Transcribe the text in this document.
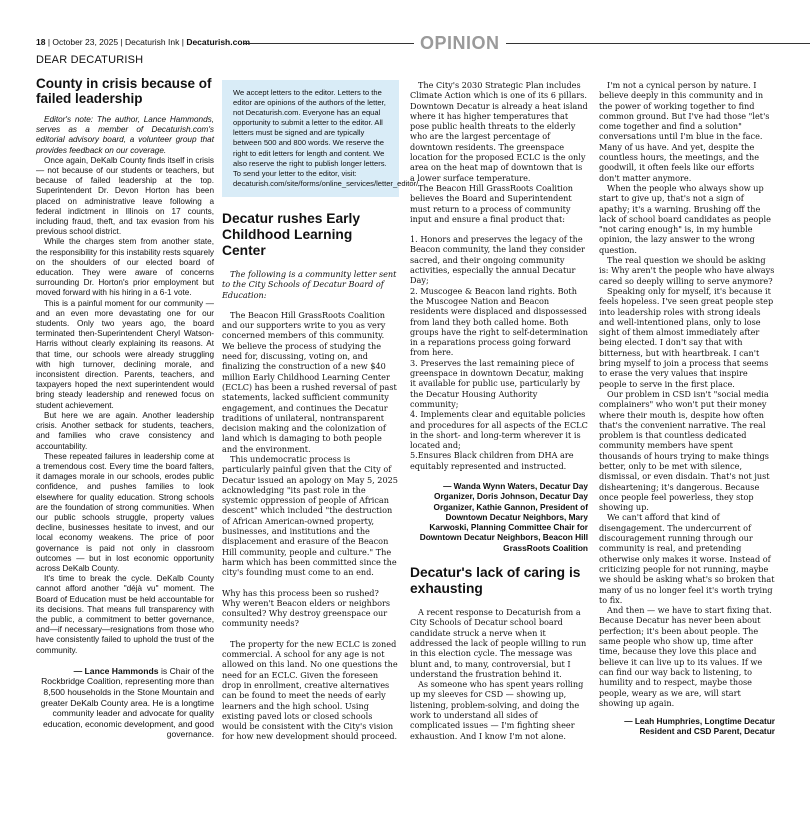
18 | October 23, 2025 | Decaturish Ink | Decaturish.com	OPINION
DEAR DECATURISH
County in crisis because of failed leadership

Editor's note: The author, Lance Hammonds, serves as a member of Decaturish.com's editorial advisory board, a volunteer group that provides feedback on our coverage.

Once again, DeKalb County finds itself in crisis — not because of our students or teachers, but because of failed leadership at the top. Superintendent Dr. Devon Horton has been placed on administrative leave following a federal indictment in Illinois on 17 counts, including fraud, theft, and tax evasion from his previous school district.

While the charges stem from another state, the responsibility for this instability rests squarely on the shoulders of our elected board of education. They were aware of concerns surrounding Dr. Horton's prior employment but moved forward with his hiring in a 6-1 vote.

This is a painful moment for our community — and an even more devastating one for our students. Only two years ago, the board terminated then-Superintendent Cheryl Watson-Harris without clearly explaining its reasons. At that time, our schools were already struggling with high turnover, declining morale, and inconsistent direction. Parents, teachers, and taxpayers hoped the next superintendent would bring steady leadership and renewed focus on student achievement.

But here we are again. Another leadership crisis. Another setback for students, teachers, and families who crave consistency and accountability.

These repeated failures in leadership come at a tremendous cost. Every time the board falters, it damages morale in our schools, erodes public confidence, and pushes families to look elsewhere for quality education. Strong schools are the foundation of strong communities. When our public schools struggle, property values decline, businesses hesitate to invest, and our local economy weakens. The price of poor governance is paid not only in classroom outcomes — but in lost economic opportunity across DeKalb County.

It's time to break the cycle. DeKalb County cannot afford another "déjà vu" moment. The Board of Education must be held accountable for its decisions. That means full transparency with the public, a commitment to better governance, and—if necessary—resignations from those who have consistently failed to uphold the trust of the community.

— Lance Hammonds is Chair of the Rockbridge Coalition, representing more than 8,500 households in the Stone Mountain and greater DeKalb County area. He is a longtime community leader and advocate for quality education, economic development, and good governance.

We accept letters to the editor. Letters to the editor are opinions of the authors of the letter, not Decaturish.com. Everyone has an equal opportunity to submit a letter to the editor. All letters must be signed and are typically between 500 and 800 words. We reserve the right to edit letters for length and content. We also reserve the right to publish longer letters. To send your letter to the editor, visit: decaturish.com/site/forms/online_services/letter_editor/
Decatur rushes Early Childhood Learning Center

The following is a community letter sent to the City Schools of Decatur Board of Education:

The Beacon Hill GrassRoots Coalition and our supporters write to you as very concerned members of this community. We believe the process of studying the need for, discussing, voting on, and finalizing the construction of a new $40 million Early Childhood Learning Center (ECLC) has been a rushed reversal of past statements, lacked sufficient community engagement, and continues the Decatur traditions of unilateral, nontransparent decision making and the colonization of land which is damaging to both people and the environment.

This undemocratic process is particularly painful given that the City of Decatur issued an apology on May 5, 2025 acknowledging "its past role in the systemic oppression of people of African descent" which included "the destruction of African American-owned property, businesses, and institutions and the displacement and erasure of the Beacon Hill community, people and culture." The harm which has been committed since the city's founding must come to an end.

Why has this process been so rushed? Why weren't Beacon elders or neighbors consulted? Why destroy greenspace our community needs?

The property for the new ECLC is zoned commercial. A school for any age is not allowed on this land. No one questions the need for an ECLC. Given the foreseen drop in enrollment, creative alternatives can be found to meet the needs of early learners and the high school. Using existing paved lots or closed schools would be consistent with the City's vision for how new development should proceed.

The City's 2030 Strategic Plan includes Climate Action which is one of its 6 pillars. Downtown Decatur is already a heat island where it has higher temperatures that pose public health threats to the elderly who are the largest percentage of downtown residents. The greenspace location for the proposed ECLC is the only area on the heat map of downtown that is a lower surface temperature.

The Beacon Hill GrassRoots Coalition believes the Board and Superintendent must return to a process of community input and ensure a final product that:

1. Honors and preserves the legacy of the Beacon community, the land they consider sacred, and their ongoing community activities, especially the annual Decatur Day;

2. Muscogee & Beacon land rights. Both the Muscogee Nation and Beacon residents were displaced and dispossessed from land they both called home. Both groups have the right to self-determination in a reparations process going forward from here.

3. Preserves the last remaining piece of greenspace in downtown Decatur, making it available for public use, particularly by the Decatur Housing Authority community;

4. Implements clear and equitable policies and procedures for all aspects of the ECLC in the short- and long-term wherever it is located and;

5.Ensures Black children from DHA are equitably represented and instructed.

— Wanda Wynn Waters, Decatur Day Organizer, Doris Johnson, Decatur Day Organizer, Kathie Gannon, President of Downtown Decatur Neighbors, Mary Karwoski, Planning Committee Chair for Downtown Decatur Neighbors, Beacon Hill GrassRoots Coalition
Decatur's lack of caring is exhausting

A recent response to Decaturish from a City Schools of Decatur school board candidate struck a nerve when it addressed the lack of people willing to run in this election cycle. The message was blunt and, to many, controversial, but I understand the frustration behind it.

As someone who has spent years rolling up my sleeves for CSD — showing up, listening, problem-solving, and doing the work to understand all sides of complicated issues — I'm fighting sheer exhaustion. And I know I'm not alone.

I'm not a cynical person by nature. I believe deeply in this community and in the power of working together to find common ground. But I've had those "let's come together and find a solution" conversations until I'm blue in the face. Many of us have. And yet, despite the countless hours, the meetings, and the goodwill, it often feels like our efforts don't matter anymore.

When the people who always show up start to give up, that's not a sign of apathy; it's a warning. Brushing off the lack of school board candidates as people "not caring enough" is, in my humble opinion, the lazy answer to the wrong question.

The real question we should be asking is: Why aren't the people who have always cared so deeply willing to serve anymore?

Speaking only for myself, it's because it feels hopeless. I've seen great people step into leadership roles with strong ideals and well-intentioned plans, only to lose sight of them almost immediately after being elected. I don't say that with bitterness, but with heartbreak. I can't bring myself to join a process that seems to erase the very values that inspire people to serve in the first place.

Our problem in CSD isn't "social media complainers" who won't put their money where their mouth is, despite how often that's the convenient narrative. The real problem is that countless dedicated community members have spent thousands of hours trying to make things better, only to be met with silence, dismissal, or even disdain. That's not just disheartening; it's dangerous. Because once people feel powerless, they stop showing up.

We can't afford that kind of disengagement. The undercurrent of discouragement running through our community is real, and pretending otherwise only makes it worse. Instead of criticizing people for not running, maybe we should be asking what's so broken that many of us no longer feel it's worth trying to fix.

And then — we have to start fixing that. Because Decatur has never been about perfection; it's been about people. The same people who show up, time after time, because they love this place and believe it can live up to its values. If we can find our way back to listening, to humility and to respect, maybe those people, weary as we are, will start showing up again.

— Leah Humphries, Longtime Decatur Resident and CSD Parent, Decatur
